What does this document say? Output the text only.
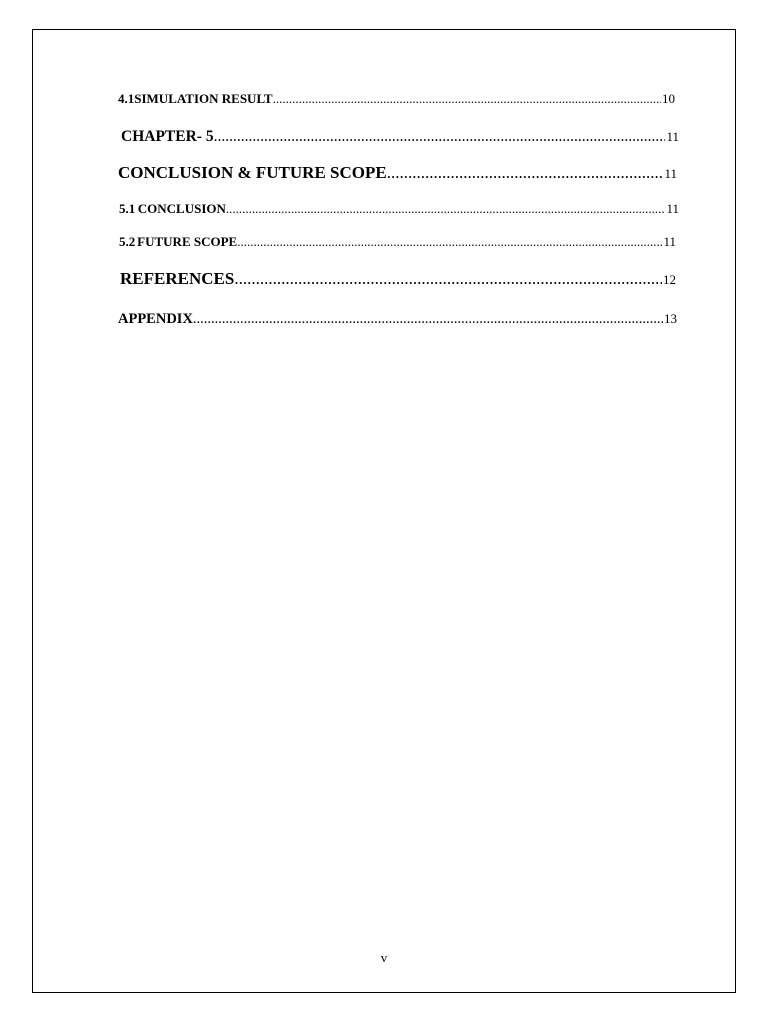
4.1 SIMULATION RESULT .....	10
CHAPTER- 5 .....	11
CONCLUSION & FUTURE SCOPE .....	11
5.1 CONCLUSION .....	11
5.2 FUTURE SCOPE .....	11
REFERENCES .....	12
APPENDIX .....	13
v
